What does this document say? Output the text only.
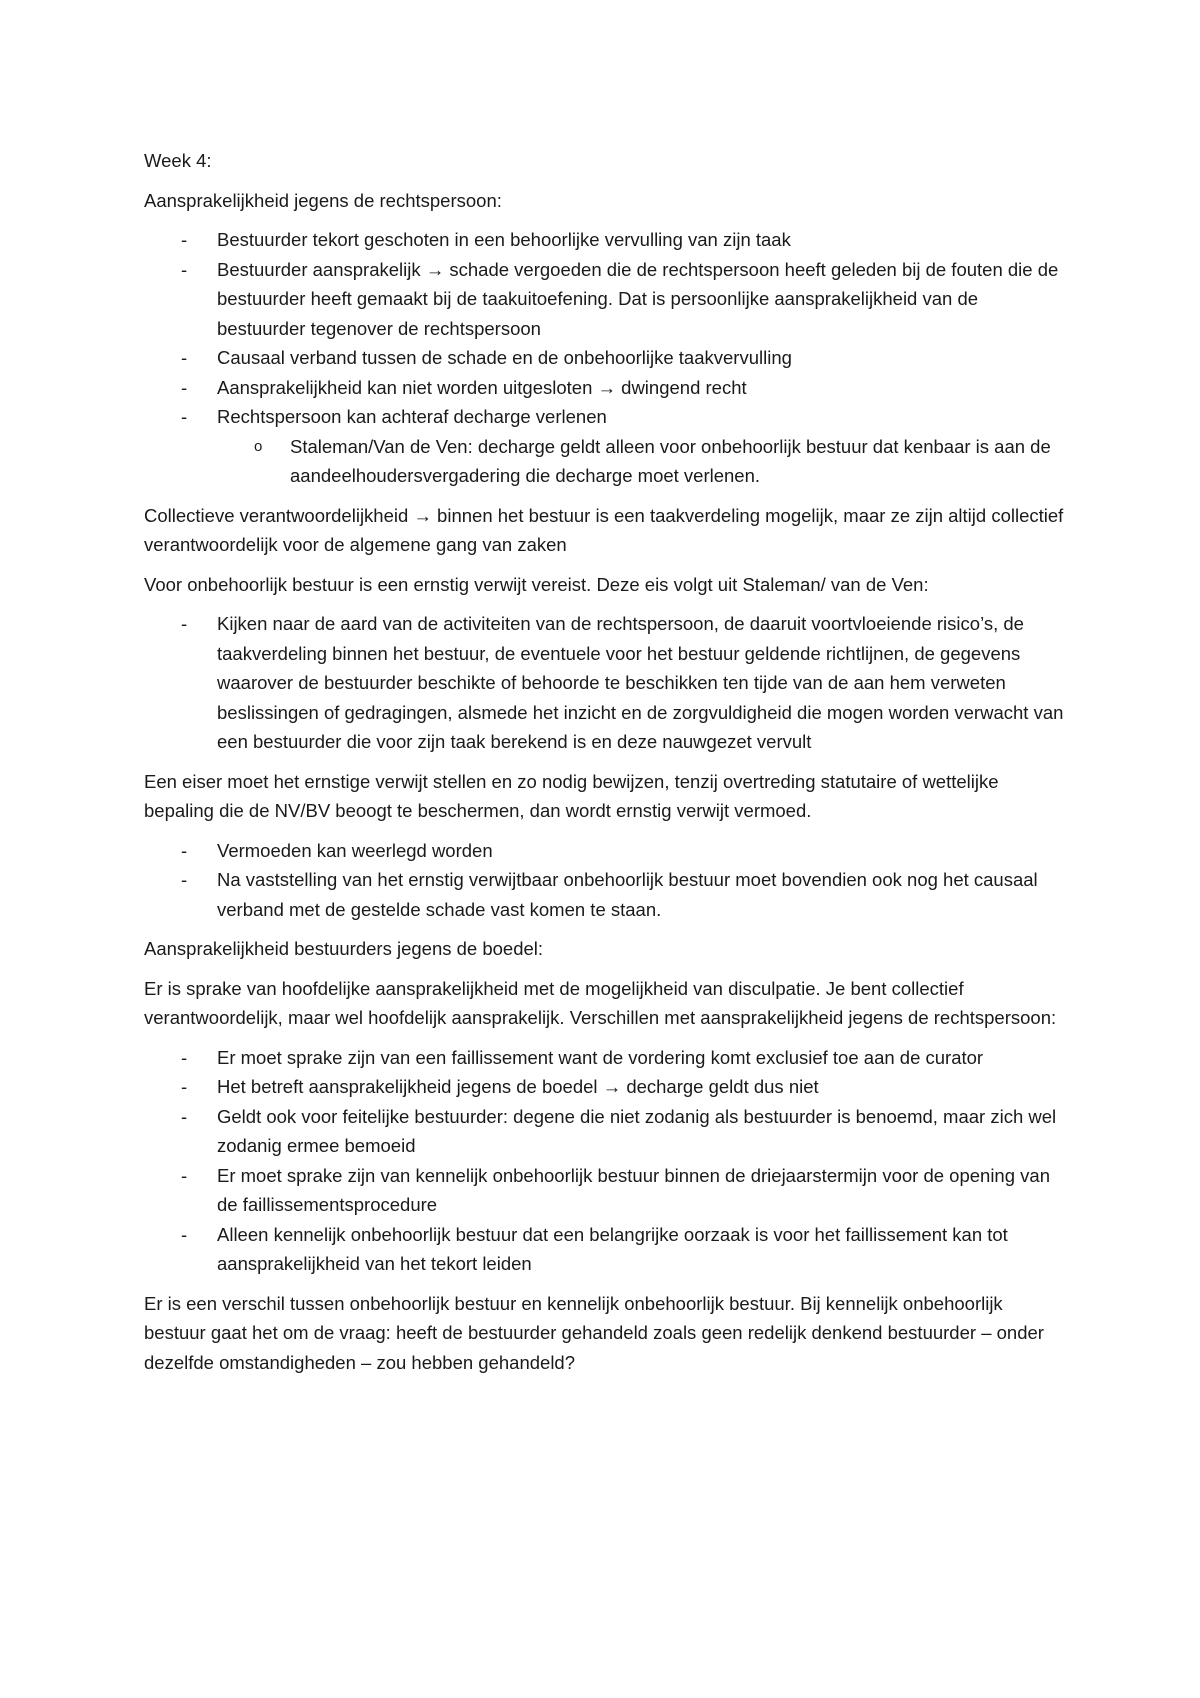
Week 4:

Aansprakelijkheid jegens de rechtspersoon:

- Bestuurder tekort geschoten in een behoorlijke vervulling van zijn taak
- Bestuurder aansprakelijk → schade vergoeden die de rechtspersoon heeft geleden bij de fouten die de bestuurder heeft gemaakt bij de taakuitoefening. Dat is persoonlijke aansprakelijkheid van de bestuurder tegenover de rechtspersoon
- Causaal verband tussen de schade en de onbehoorlijke taakvervulling
- Aansprakelijkheid kan niet worden uitgesloten → dwingend recht
- Rechtspersoon kan achteraf decharge verlenen
o Staleman/Van de Ven: decharge geldt alleen voor onbehoorlijk bestuur dat kenbaar is aan de aandeelhoudersvergadering die decharge moet verlenen.

Collectieve verantwoordelijkheid → binnen het bestuur is een taakverdeling mogelijk, maar ze zijn altijd collectief verantwoordelijk voor de algemene gang van zaken

Voor onbehoorlijk bestuur is een ernstig verwijt vereist. Deze eis volgt uit Staleman/ van de Ven:

- Kijken naar de aard van de activiteiten van de rechtspersoon, de daaruit voortvloeiende risico’s, de taakverdeling binnen het bestuur, de eventuele voor het bestuur geldende richtlijnen, de gegevens waarover de bestuurder beschikte of behoorde te beschikken ten tijde van de aan hem verweten beslissingen of gedragingen, alsmede het inzicht en de zorgvuldigheid die mogen worden verwacht van een bestuurder die voor zijn taak berekend is en deze nauwgezet vervult

Een eiser moet het ernstige verwijt stellen en zo nodig bewijzen, tenzij overtreding statutaire of wettelijke bepaling die de NV/BV beoogt te beschermen, dan wordt ernstig verwijt vermoed.

- Vermoeden kan weerlegd worden
- Na vaststelling van het ernstig verwijtbaar onbehoorlijk bestuur moet bovendien ook nog het causaal verband met de gestelde schade vast komen te staan.

Aansprakelijkheid bestuurders jegens de boedel:

Er is sprake van hoofdelijke aansprakelijkheid met de mogelijkheid van disculpatie. Je bent collectief verantwoordelijk, maar wel hoofdelijk aansprakelijk. Verschillen met aansprakelijkheid jegens de rechtspersoon:

- Er moet sprake zijn van een faillissement want de vordering komt exclusief toe aan de curator
- Het betreft aansprakelijkheid jegens de boedel → decharge geldt dus niet
- Geldt ook voor feitelijke bestuurder: degene die niet zodanig als bestuurder is benoemd, maar zich wel zodanig ermee bemoeid
- Er moet sprake zijn van kennelijk onbehoorlijk bestuur binnen de driejaarstermijn voor de opening van de faillissementsprocedure
- Alleen kennelijk onbehoorlijk bestuur dat een belangrijke oorzaak is voor het faillissement kan tot aansprakelijkheid van het tekort leiden

Er is een verschil tussen onbehoorlijk bestuur en kennelijk onbehoorlijk bestuur. Bij kennelijk onbehoorlijk bestuur gaat het om de vraag: heeft de bestuurder gehandeld zoals geen redelijk denkend bestuurder – onder dezelfde omstandigheden – zou hebben gehandeld?
